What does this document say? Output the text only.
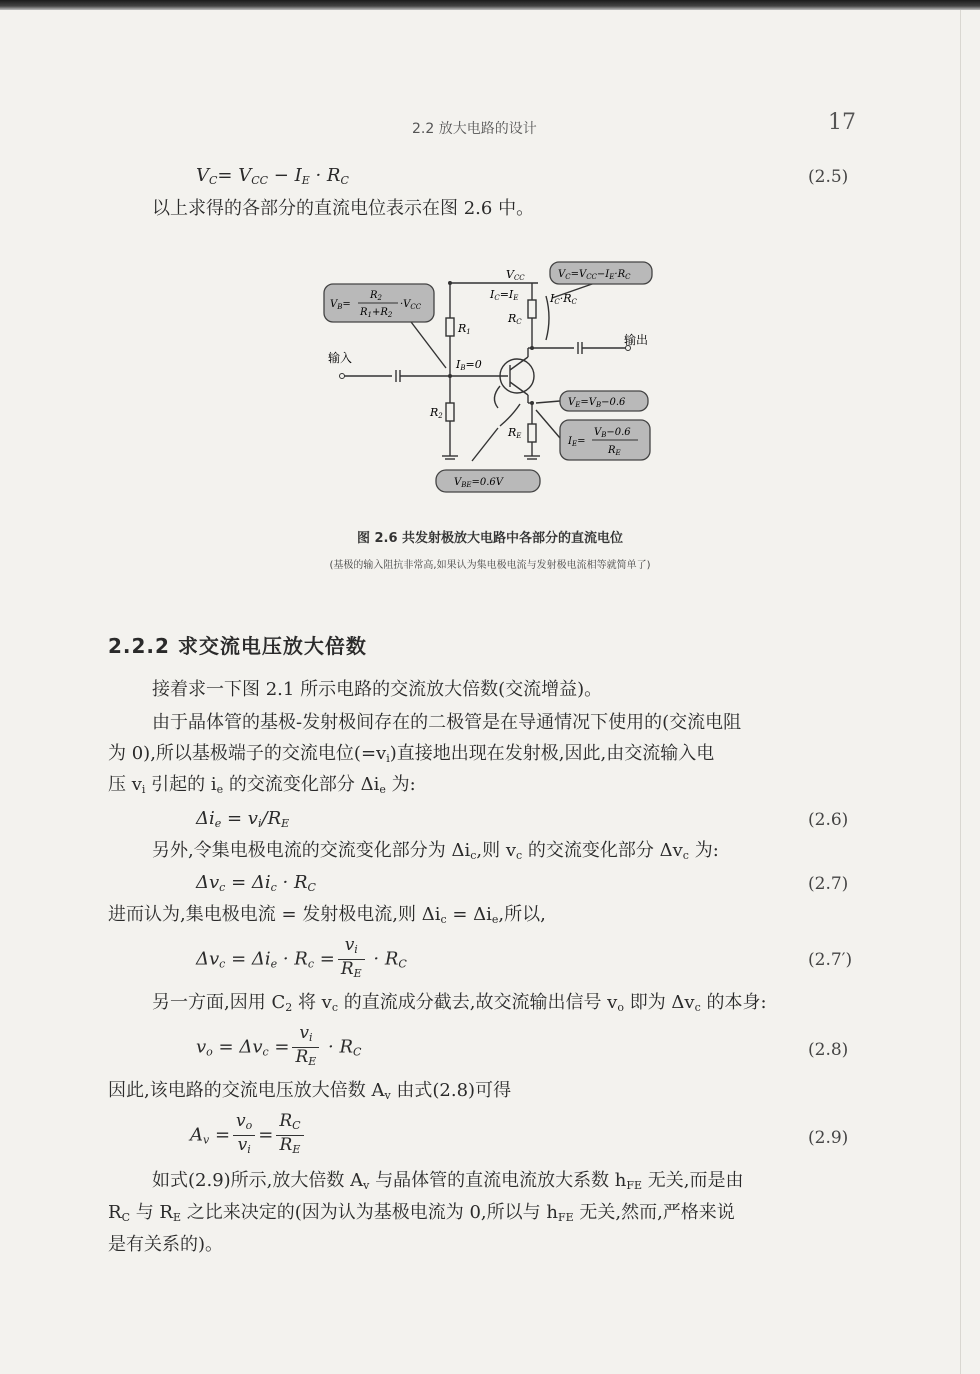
2.2 放大电路的设计	17
$V_C= V_{CC} - I_E \cdot R_C$	(2.5)
以上求得的各部分的直流电位表示在图 2.6 中。
VCC
IC=IE	IC·RC
RC
R1
R2
RE
IB=0
输入
输出
$V_C=V_{CC}-I_E\cdot R_C$
$V_B=$
$R_2$
$R_1+R_2$
$\cdot V_{CC}$
$V_E=V_B-0.6$
$I_E=$
$V_B-0.6$
$R_E$
$V_{BE}=0.6V$
图 2.6 共发射极放大电路中各部分的直流电位
(基极的输入阻抗非常高,如果认为集电极电流与发射极电流相等就简单了)
2.2.2 求交流电压放大倍数
接着求一下图 2.1 所示电路的交流放大倍数(交流增益)。
由于晶体管的基极-发射极间存在的二极管是在导通情况下使用的(交流电阻
为 0),所以基极端子的交流电位$(=v_i)$直接地出现在发射极,因此,由交流输入电
压 $v_i$ 引起的 $i_e$ 的交流变化部分 $\Delta i_e$ 为:
$\Delta i_e = v_i/R_E$	(2.6)
另外,令集电极电流的交流变化部分为 $\Delta i_c$,则 $v_c$ 的交流变化部分 $\Delta v_c$ 为:
$\Delta v_c = \Delta i_c \cdot R_C$	(2.7)
进而认为,集电极电流 = 发射极电流,则 $\Delta i_c = \Delta i_e$,所以,
$\Delta v_c = \Delta i_e \cdot R_c = \frac{v_i}{R_E} \cdot R_C$	(2.7′)
另一方面,因用 $C_2$ 将 $v_c$ 的直流成分截去,故交流输出信号 $v_o$ 即为 $\Delta v_c$ 的本身:
$v_o = \Delta v_c = \frac{v_i}{R_E} \cdot R_C$	(2.8)
因此,该电路的交流电压放大倍数 $A_v$ 由式(2.8)可得
$A_v = \frac{v_o}{v_i} = \frac{R_C}{R_E}$	(2.9)
如式(2.9)所示,放大倍数 $A_v$ 与晶体管的直流电流放大系数 $h_{FE}$ 无关,而是由
$R_C$ 与 $R_E$ 之比来决定的(因为认为基极电流为 0,所以与 $h_{FE}$ 无关,然而,严格来说
是有关系的)。
